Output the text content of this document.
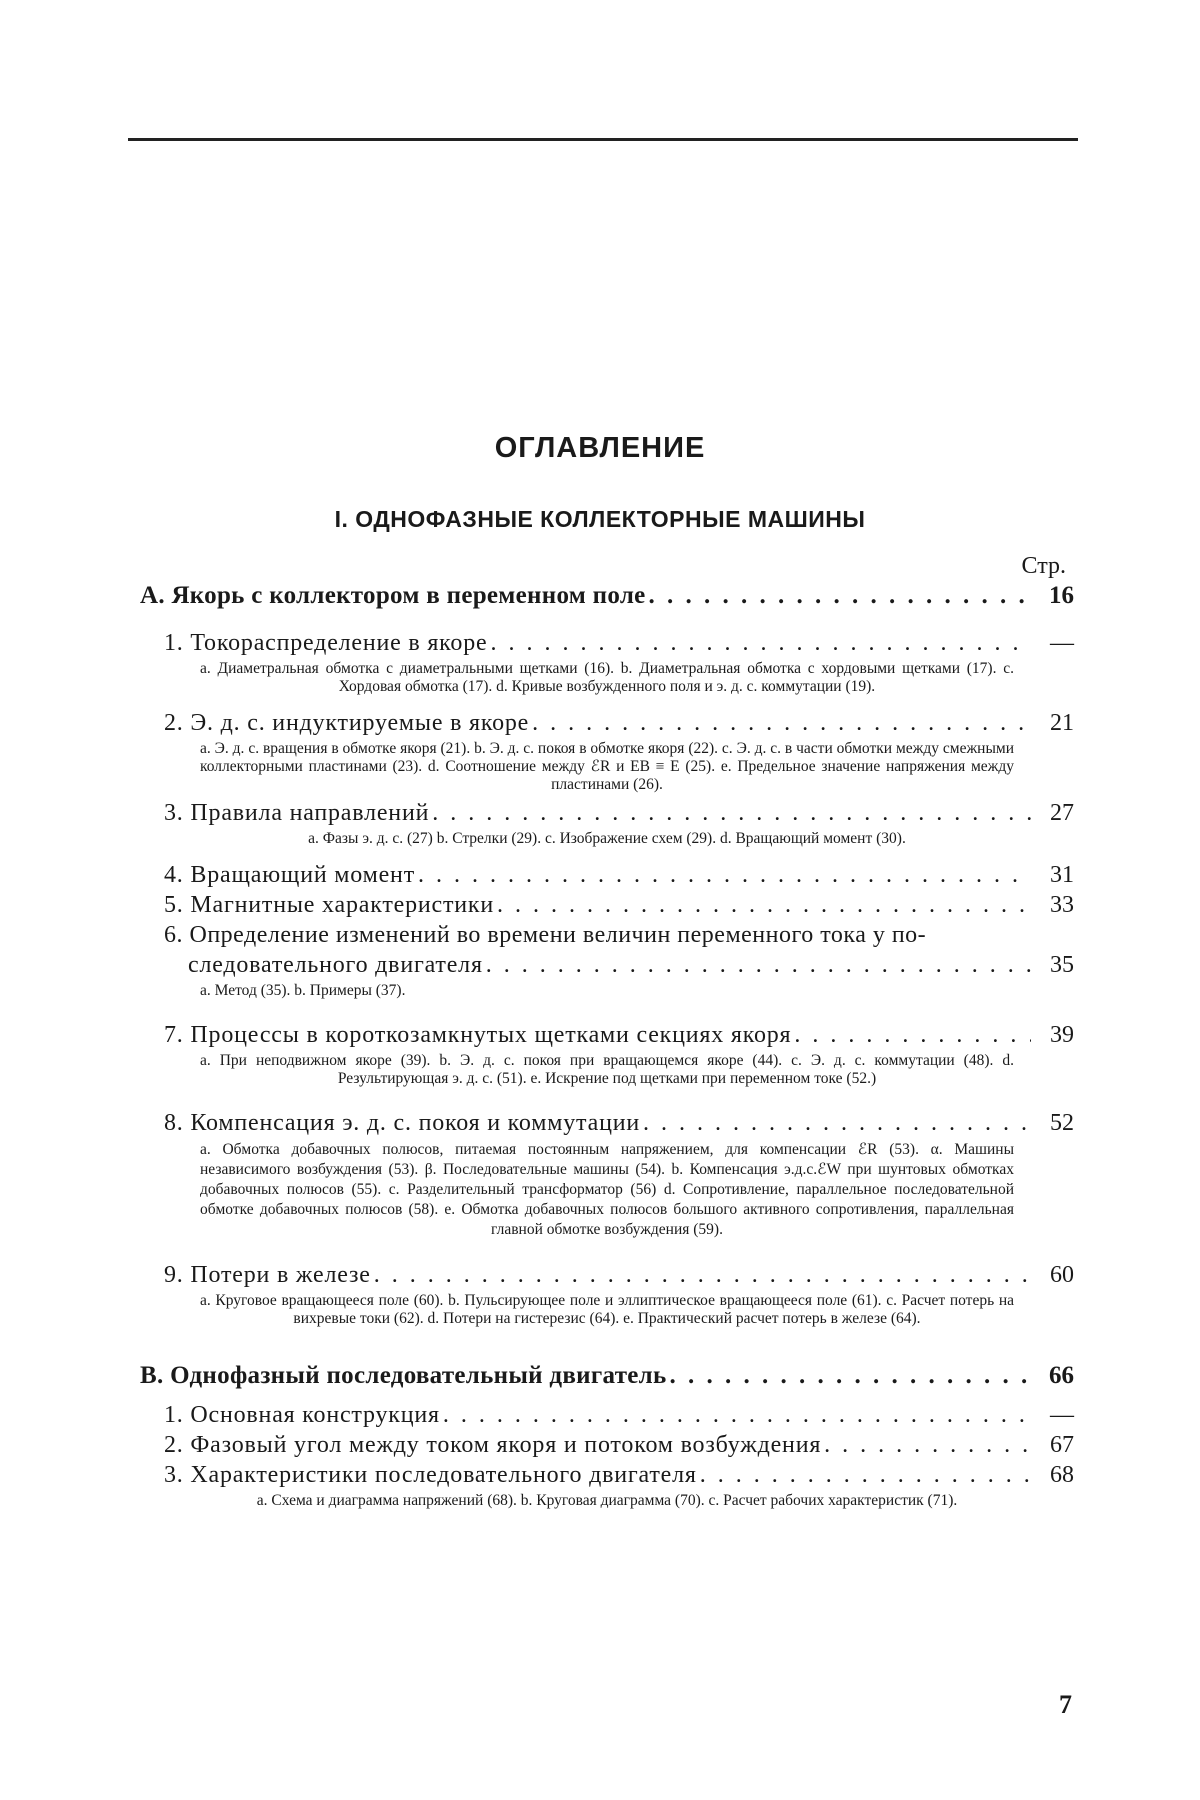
ОГЛАВЛЕНИЕ
I. ОДНОФАЗНЫЕ КОЛЛЕКТОРНЫЕ МАШИНЫ
Стр.
А. Якорь с коллектором в переменном поле . . .	16
1. Токораспределение в якоре . . .	—
а. Диаметральная обмотка с диаметральными щетками (16). b. Диаметральная обмотка с хордовыми щетками (17). с. Хордовая обмотка (17). d. Кривые возбужденного поля и э. д. с. коммутации (19).
2. Э. д. с. индуктируемые в якоре . . .	21
а. Э. д. с. вращения в обмотке якоря (21). b. Э. д. с. покоя в обмотке якоря (22). с. Э. д. с. в части обмотки между смежными коллекторными пластинами (23). d. Соотношение между ℰR и EB ≡ E (25). е. Предельное значение напряжения между пластинами (26).
3. Правила направлений . . .	27
а. Фазы э. д. с. (27) b. Стрелки (29). с. Изображение схем (29). d. Вращающий момент (30).
4. Вращающий момент . . .	31
5. Магнитные характеристики . . .	33
6. Определение изменений во времени величин переменного тока у по-
следовательного двигателя . . .	35
а. Метод (35). b. Примеры (37).
7. Процессы в короткозамкнутых щетками секциях якоря . . .	39
а. При неподвижном якоре (39). b. Э. д. с. покоя при вращающемся якоре (44). с. Э. д. с. коммутации (48). d. Результирующая э. д. с. (51). е. Искрение под щетками при переменном токе (52.)
8. Компенсация э. д. с. покоя и коммутации . . .	52
а. Обмотка добавочных полюсов, питаемая постоянным напряжением, для компенсации ℰR (53). α. Машины независимого возбуждения (53). β. Последовательные машины (54). b. Компенсация э.д.с.ℰW при шунтовых обмотках добавочных полюсов (55). с. Разделительный трансформатор (56) d. Сопротивление, параллельное последовательной обмотке добавочных полюсов (58). е. Обмотка добавочных полюсов большого активного сопротивления, параллельная главной обмотке возбуждения (59).
9. Потери в железе . . .	60
а. Круговое вращающееся поле (60). b. Пульсирующее поле и эллиптическое вращающееся поле (61). с. Расчет потерь на вихревые токи (62). d. Потери на гистерезис (64). е. Практический расчет потерь в железе (64).
В. Однофазный последовательный двигатель . . .	66
1. Основная конструкция . . .	—
2. Фазовый угол между током якоря и потоком возбуждения . . .	67
3. Характеристики последовательного двигателя . . .	68
а. Схема и диаграмма напряжений (68). b. Круговая диаграмма (70). с. Расчет рабочих характеристик (71).
7
